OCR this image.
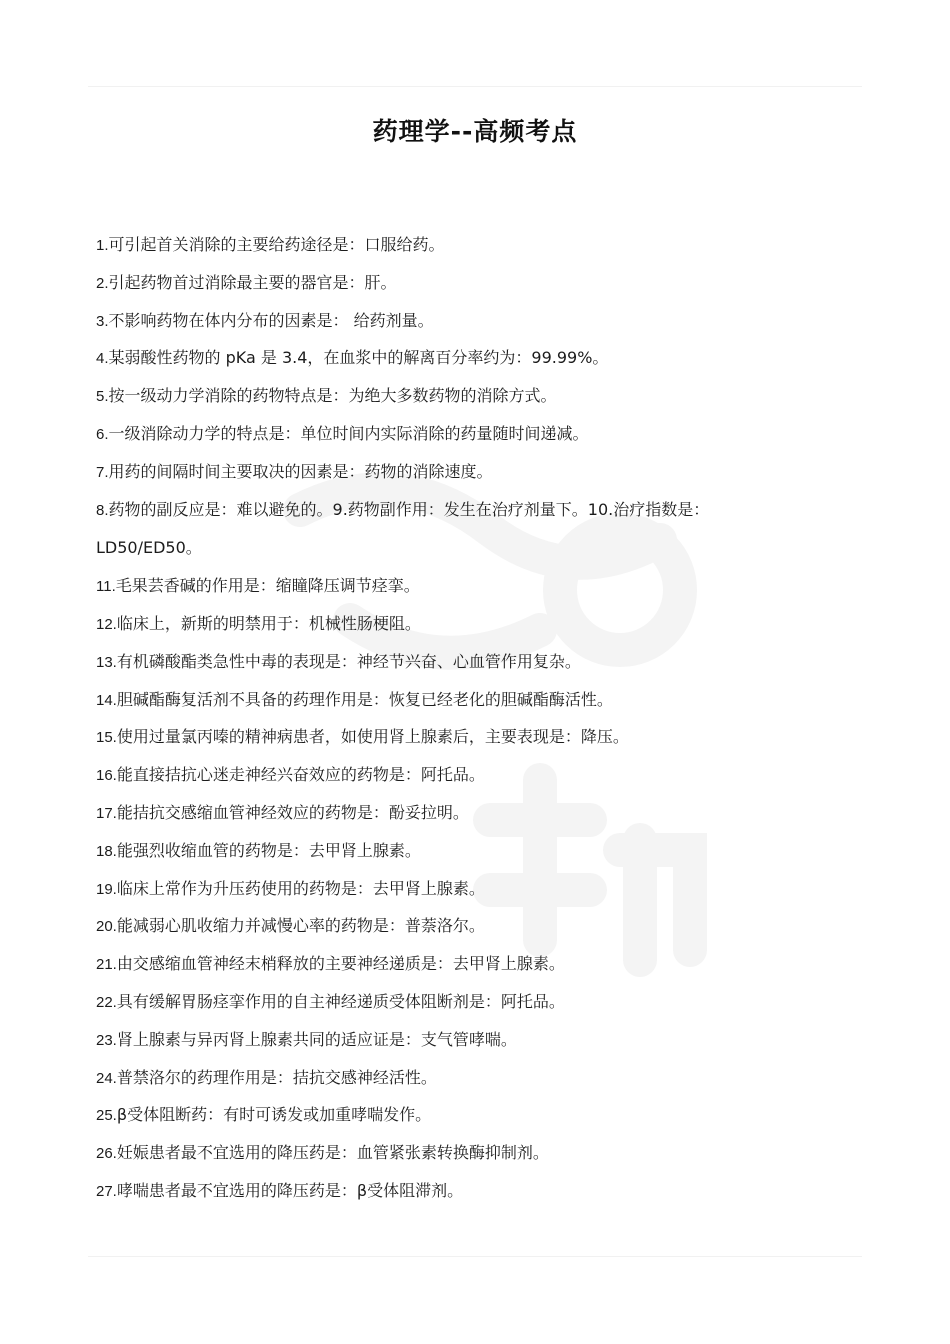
药理学--高频考点
1.可引起首关消除的主要给药途径是：口服给药。
2.引起药物首过消除最主要的器官是：肝。
3.不影响药物在体内分布的因素是： 给药剂量。
4.某弱酸性药物的 pKa 是 3.4，在血浆中的解离百分率约为：99.99%。
5.按一级动力学消除的药物特点是：为绝大多数药物的消除方式。
6.一级消除动力学的特点是：单位时间内实际消除的药量随时间递减。
7.用药的间隔时间主要取决的因素是：药物的消除速度。
8.药物的副反应是：难以避免的。9.药物副作用：发生在治疗剂量下。10.治疗指数是：LD50/ED50。
11.毛果芸香碱的作用是：缩瞳降压调节痉挛。
12.临床上，新斯的明禁用于：机械性肠梗阻。
13.有机磷酸酯类急性中毒的表现是：神经节兴奋、心血管作用复杂。
14.胆碱酯酶复活剂不具备的药理作用是：恢复已经老化的胆碱酯酶活性。
15.使用过量氯丙嗪的精神病患者，如使用肾上腺素后，主要表现是：降压。
16.能直接拮抗心迷走神经兴奋效应的药物是：阿托品。
17.能拮抗交感缩血管神经效应的药物是：酚妥拉明。
18.能强烈收缩血管的药物是：去甲肾上腺素。
19.临床上常作为升压药使用的药物是：去甲肾上腺素。
20.能减弱心肌收缩力并减慢心率的药物是：普萘洛尔。
21.由交感缩血管神经末梢释放的主要神经递质是：去甲肾上腺素。
22.具有缓解胃肠痉挛作用的自主神经递质受体阻断剂是：阿托品。
23.肾上腺素与异丙肾上腺素共同的适应证是：支气管哮喘。
24.普禁洛尔的药理作用是：拮抗交感神经活性。
25.β受体阻断药：有时可诱发或加重哮喘发作。
26.妊娠患者最不宜选用的降压药是：血管紧张素转换酶抑制剂。
27.哮喘患者最不宜选用的降压药是：β受体阻滞剂。
